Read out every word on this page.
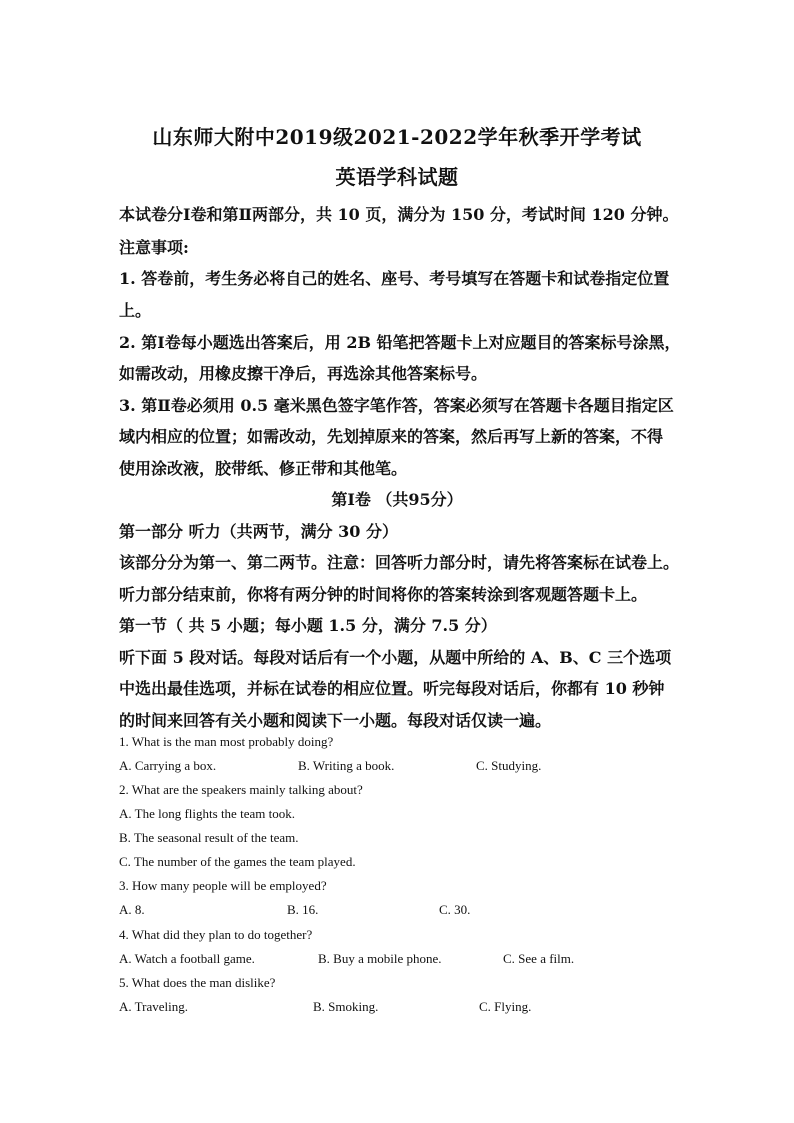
山东师大附中2019级2021-2022学年秋季开学考试
英语学科试题
本试卷分Ⅰ卷和第Ⅱ两部分，共 10 页，满分为 150 分，考试时间 120 分钟。
注意事项:
1. 答卷前，考生务必将自己的姓名、座号、考号填写在答题卡和试卷指定位置
上。
2. 第Ⅰ卷每小题选出答案后，用 2B 铅笔把答题卡上对应题目的答案标号涂黑，
如需改动，用橡皮擦干净后，再选涂其他答案标号。
3. 第Ⅱ卷必须用 0.5 毫米黑色签字笔作答，答案必须写在答题卡各题目指定区
域内相应的位置；如需改动，先划掉原来的答案，然后再写上新的答案，不得
使用涂改液，胶带纸、修正带和其他笔。
第Ⅰ卷 （共95分）
第一部分 听力（共两节，满分 30 分）
该部分分为第一、第二两节。注意：回答听力部分时，请先将答案标在试卷上。
听力部分结束前，你将有两分钟的时间将你的答案转涂到客观题答题卡上。
第一节（ 共 5 小题；每小题 1.5 分，满分 7.5 分）
听下面 5 段对话。每段对话后有一个小题，从题中所给的 A、B、C 三个选项
中选出最佳选项，并标在试卷的相应位置。听完每段对话后，你都有 10 秒钟
的时间来回答有关小题和阅读下一小题。每段对话仅读一遍。
1. What is the man most probably doing?
A. Carrying a box.	B. Writing a book.	C. Studying.
2. What are the speakers mainly talking about?
A. The long flights the team took.
B. The seasonal result of the team.
C. The number of the games the team played.
3. How many people will be employed?
A. 8.	B. 16.	C. 30.
4. What did they plan to do together?
A. Watch a football game.	B. Buy a mobile phone.	C. See a film.
5. What does the man dislike?
A. Traveling.	B. Smoking.	C. Flying.
